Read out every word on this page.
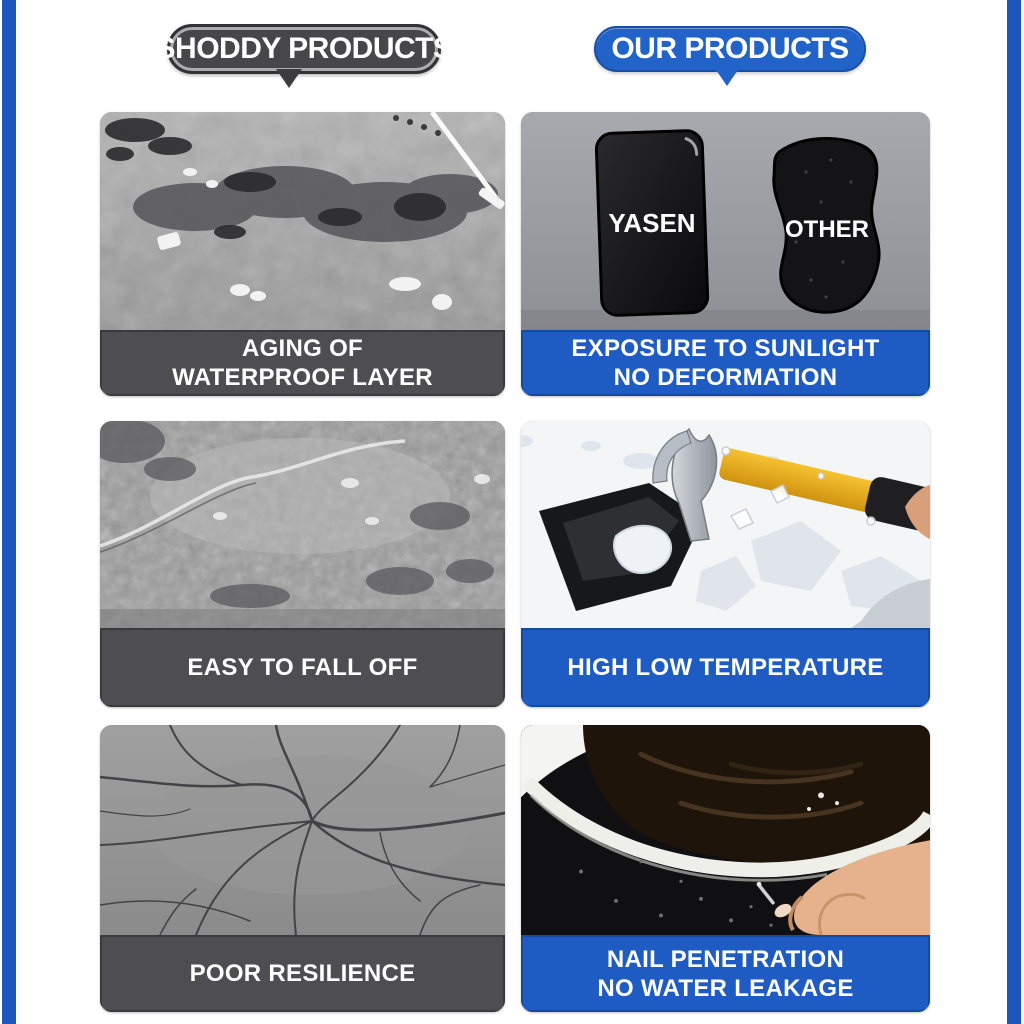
SHODDY PRODUCTS	OUR PRODUCTS
AGING OF
WATERPROOF LAYER
YASEN	OTHER
EXPOSURE TO SUNLIGHT
NO DEFORMATION
EASY TO FALL OFF	HIGH LOW TEMPERATURE
POOR RESILIENCE
NAIL PENETRATION
NO WATER LEAKAGE
